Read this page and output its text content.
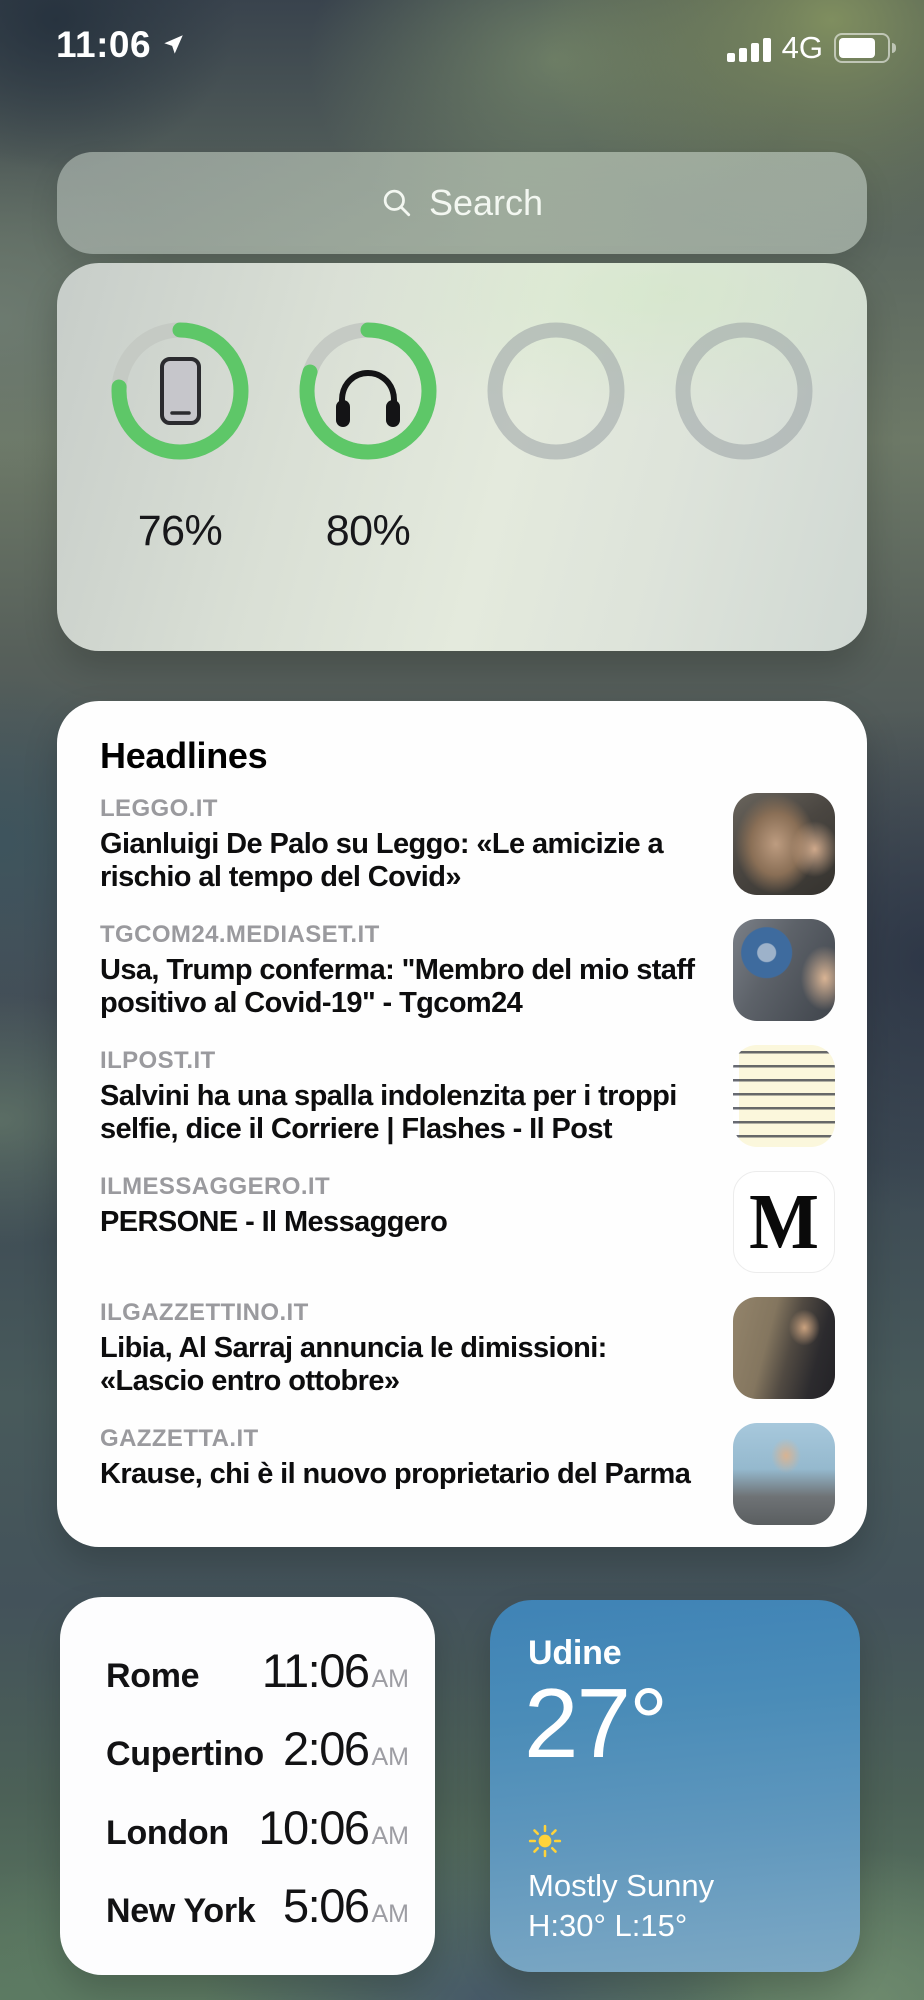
11:06	4G
Search
76%	80%
Headlines
LEGGO.IT
Gianluigi De Palo su Leggo: «Le amicizie a rischio al tempo del Covid»
TGCOM24.MEDIASET.IT
Usa, Trump conferma: "Membro del mio staff positivo al Covid-19" - Tgcom24
ILPOST.IT
Salvini ha una spalla indolenzita per i troppi selfie, dice il Corriere | Flashes - Il Post
ILMESSAGGERO.IT
PERSONE - Il Messaggero	M
ILGAZZETTINO.IT
Libia, Al Sarraj annuncia le dimissioni: «Lascio entro ottobre»
GAZZETTA.IT
Krause, chi è il nuovo proprietario del Parma
Rome 11:06 AM
Cupertino 2:06 AM
London 10:06 AM
New York 5:06 AM
Udine
27°
Mostly Sunny
H:30° L:15°
